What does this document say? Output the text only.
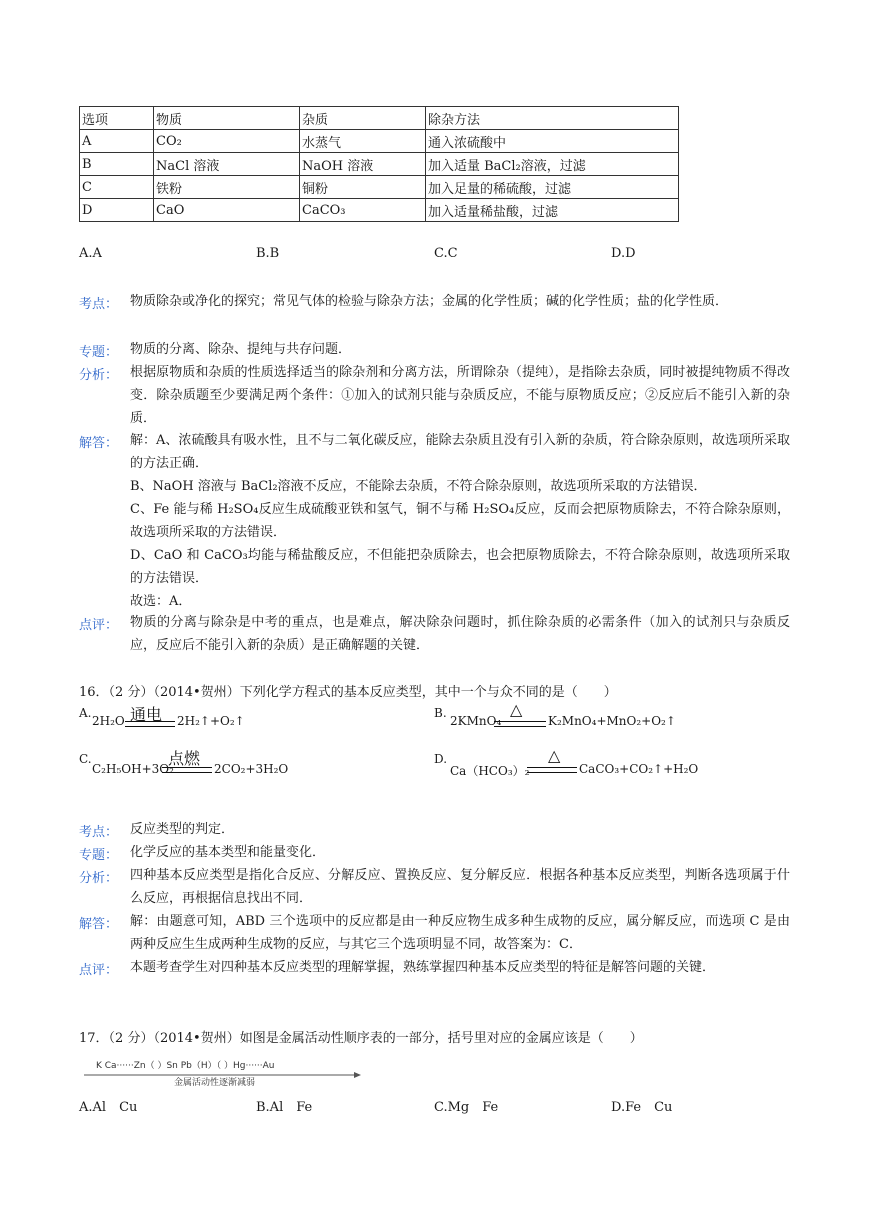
选项	物质	杂质	除杂方法
A	CO₂	水蒸气	通入浓硫酸中
B	NaCl 溶液	NaOH 溶液	加入适量 BaCl₂溶液，过滤
C	铁粉	铜粉	加入足量的稀硫酸，过滤
D	CaO	CaCO₃	加入适量稀盐酸，过滤
A.A	B.B	C.C	D.D
考点： 物质除杂或净化的探究；常见气体的检验与除杂方法；金属的化学性质；碱的化学性质；盐的化学性质．
专题： 物质的分离、除杂、提纯与共存问题．
分析： 根据原物质和杂质的性质选择适当的除杂剂和分离方法，所谓除杂（提纯），是指除去杂质，同时被提纯物质不得改变．除杂质题至少要满足两个条件：①加入的试剂只能与杂质反应，不能与原物质反应；②反应后不能引入新的杂质．
解答： 解：A、浓硫酸具有吸水性，且不与二氧化碳反应，能除去杂质且没有引入新的杂质，符合除杂原则，故选项所采取的方法正确．

B、NaOH 溶液与 BaCl₂溶液不反应，不能除去杂质，不符合除杂原则，故选项所采取的方法错误．

C、Fe 能与稀 H₂SO₄反应生成硫酸亚铁和氢气，铜不与稀 H₂SO₄反应，反而会把原物质除去，不符合除杂原则，故选项所采取的方法错误．

D、CaO 和 CaCO₃均能与稀盐酸反应，不但能把杂质除去，也会把原物质除去，不符合除杂原则，故选项所采取的方法错误．

故选：A．

点评： 物质的分离与除杂是中考的重点，也是难点，解决除杂问题时，抓住除杂质的必需条件（加入的试剂只与杂质反应，反应后不能引入新的杂质）是正确解题的关键．
16．（2 分）（2014•贺州）下列化学方程式的基本反应类型，其中一个与众不同的是（　　）
A.
2H₂O 通电 2H₂↑+O₂↑
B.
2KMnO₄
△
K₂MnO₄+MnO₂+O₂↑
C.
C₂H₅OH+3O₂
点燃
2CO₂+3H₂O
D.
Ca（HCO₃）₂
△
CaCO₃+CO₂↑+H₂O
考点： 反应类型的判定．
专题： 化学反应的基本类型和能量变化．
分析： 四种基本反应类型是指化合反应、分解反应、置换反应、复分解反应．根据各种基本反应类型，判断各选项属于什么反应，再根据信息找出不同．
解答： 解：由题意可知，ABD 三个选项中的反应都是由一种反应物生成多种生成物的反应，属分解反应，而选项 C 是由两种反应生生成两种生成物的反应，与其它三个选项明显不同，故答案为：C．

点评： 本题考查学生对四种基本反应类型的理解掌握，熟练掌握四种基本反应类型的特征是解答问题的关键．
17．（2 分）（2014•贺州）如图是金属活动性顺序表的一部分，括号里对应的金属应该是（　　）
K Ca······Zn（ ）Sn Pb（H）（ ）Hg······Au
金属活动性逐渐减弱
A.Al　Cu	B.Al　Fe	C.Mg　Fe	D.Fe　Cu
